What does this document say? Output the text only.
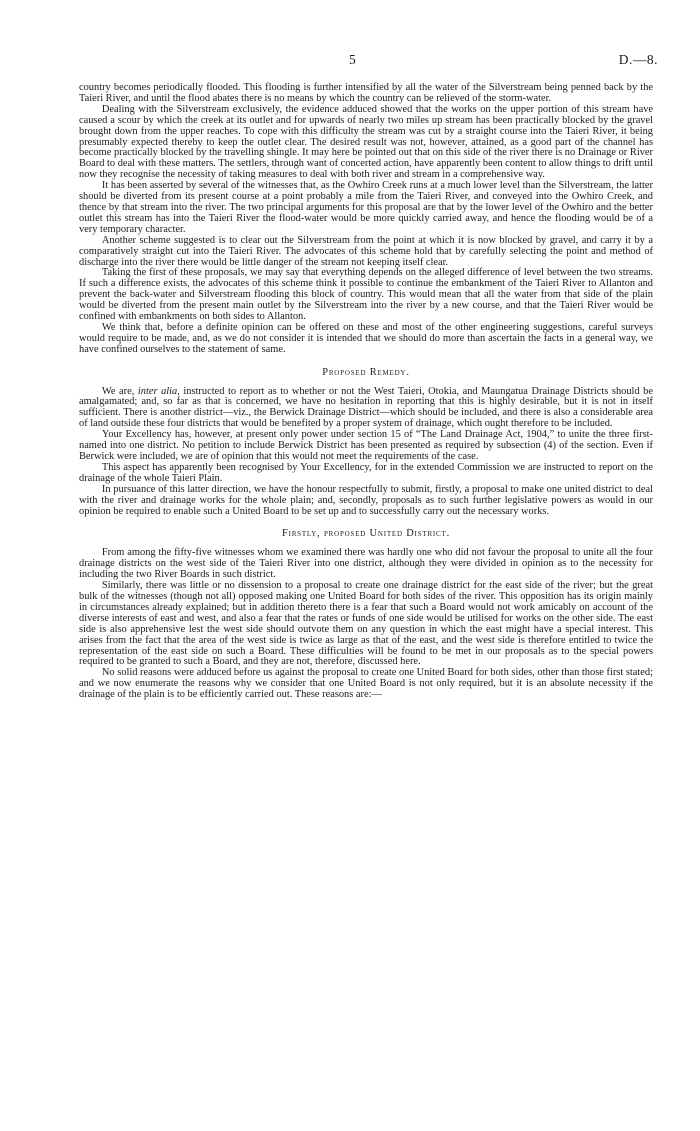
5	D.—8.

country becomes periodically flooded. This flooding is further intensified by all the water of the Silverstream being penned back by the Taieri River, and until the flood abates there is no means by which the country can be relieved of the storm-water.

Dealing with the Silverstream exclusively, the evidence adduced showed that the works on the upper portion of this stream have caused a scour by which the creek at its outlet and for upwards of nearly two miles up stream has been practically blocked by the gravel brought down from the upper reaches. To cope with this difficulty the stream was cut by a straight course into the Taieri River, it being presumably expected thereby to keep the outlet clear. The desired result was not, however, attained, as a good part of the channel has become practically blocked by the travelling shingle. It may here be pointed out that on this side of the river there is no Drainage or River Board to deal with these matters. The settlers, through want of concerted action, have apparently been content to allow things to drift until now they recognise the necessity of taking measures to deal with both river and stream in a comprehensive way.

It has been asserted by several of the witnesses that, as the Owhiro Creek runs at a much lower level than the Silverstream, the latter should be diverted from its present course at a point probably a mile from the Taieri River, and conveyed into the Owhiro Creek, and thence by that stream into the river. The two principal arguments for this proposal are that by the lower level of the Owhiro and the better outlet this stream has into the Taieri River the flood-water would be more quickly carried away, and hence the flooding would be of a very temporary character.

Another scheme suggested is to clear out the Silverstream from the point at which it is now blocked by gravel, and carry it by a comparatively straight cut into the Taieri River. The advocates of this scheme hold that by carefully selecting the point and method of discharge into the river there would be little danger of the stream not keeping itself clear.

Taking the first of these proposals, we may say that everything depends on the alleged difference of level between the two streams. If such a difference exists, the advocates of this scheme think it possible to continue the embankment of the Taieri River to Allanton and prevent the back-water and Silverstream flooding this block of country. This would mean that all the water from that side of the plain would be diverted from the present main outlet by the Silverstream into the river by a new course, and that the Taieri River would be confined with embankments on both sides to Allanton.

We think that, before a definite opinion can be offered on these and most of the other engineering suggestions, careful surveys would require to be made, and, as we do not consider it is intended that we should do more than ascertain the facts in a general way, we have confined ourselves to the statement of same.

Proposed Remedy.

We are, inter alia, instructed to report as to whether or not the West Taieri, Otokia, and Maungatua Drainage Districts should be amalgamated; and, so far as that is concerned, we have no hesitation in reporting that this is highly desirable, but it is not in itself sufficient. There is another district—viz., the Berwick Drainage District—which should be included, and there is also a considerable area of land outside these four districts that would be benefited by a proper system of drainage, which ought therefore to be included.

Your Excellency has, however, at present only power under section 15 of “The Land Drainage Act, 1904,” to unite the three first-named into one district. No petition to include Berwick District has been presented as required by subsection (4) of the section. Even if Berwick were included, we are of opinion that this would not meet the requirements of the case.

This aspect has apparently been recognised by Your Excellency, for in the extended Commission we are instructed to report on the drainage of the whole Taieri Plain.

In pursuance of this latter direction, we have the honour respectfully to submit, firstly, a proposal to make one united district to deal with the river and drainage works for the whole plain; and, secondly, proposals as to such further legislative powers as would in our opinion be required to enable such a United Board to be set up and to successfully carry out the necessary works.

Firstly, proposed United District.

From among the fifty-five witnesses whom we examined there was hardly one who did not favour the proposal to unite all the four drainage districts on the west side of the Taieri River into one district, although they were divided in opinion as to the necessity for including the two River Boards in such district.

Similarly, there was little or no dissension to a proposal to create one drainage district for the east side of the river; but the great bulk of the witnesses (though not all) opposed making one United Board for both sides of the river. This opposition has its origin mainly in circumstances already explained; but in addition thereto there is a fear that such a Board would not work amicably on account of the diverse interests of east and west, and also a fear that the rates or funds of one side would be utilised for works on the other side. The east side is also apprehensive lest the west side should outvote them on any question in which the east might have a special interest. This arises from the fact that the area of the west side is twice as large as that of the east, and the west side is therefore entitled to twice the representation of the east side on such a Board. These difficulties will be found to be met in our proposals as to the special powers required to be granted to such a Board, and they are not, therefore, discussed here.

No solid reasons were adduced before us against the proposal to create one United Board for both sides, other than those first stated; and we now enumerate the reasons why we consider that one United Board is not only required, but it is an absolute necessity if the drainage of the plain is to be efficiently carried out. These reasons are:—
